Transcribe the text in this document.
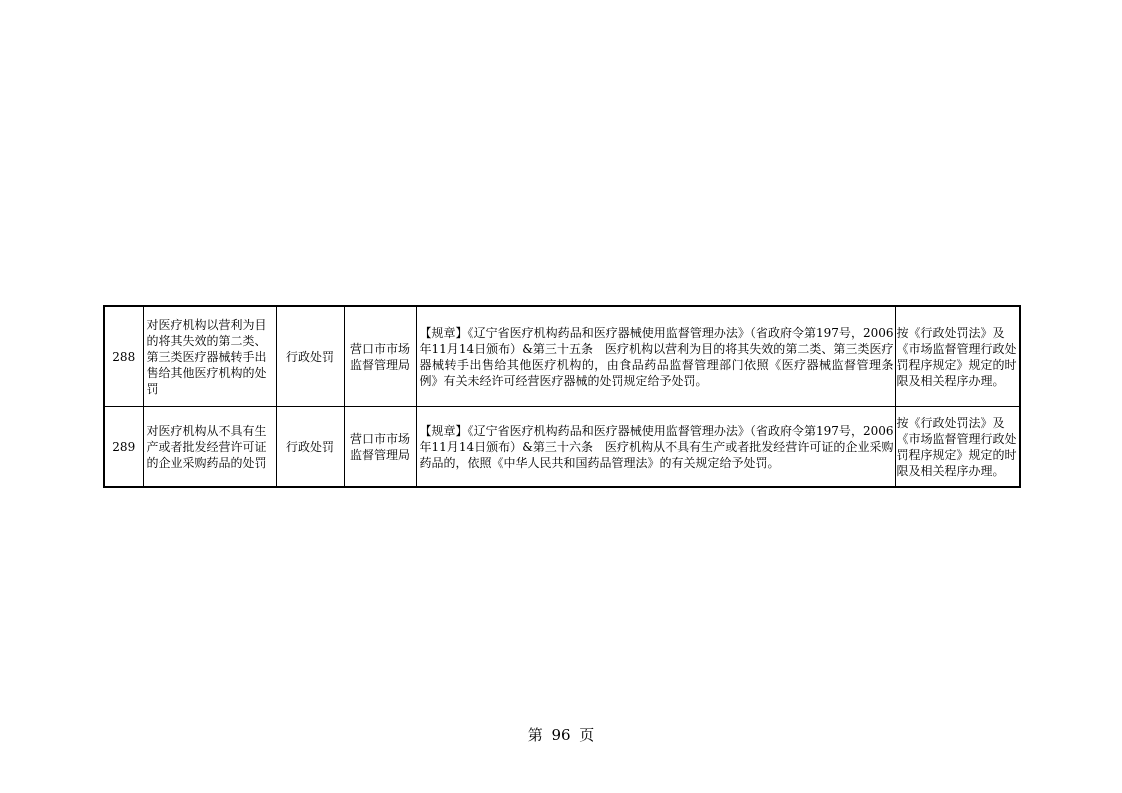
288	对医疗机构以营利为目的将其失效的第二类、第三类医疗器械转手出售给其他医疗机构的处罚	行政处罚	营口市市场监督管理局	【规章】《辽宁省医疗机构药品和医疗器械使用监督管理办法》（省政府令第197号，2006年11月14日颁布）&第三十五条　医疗机构以营利为目的将其失效的第二类、第三类医疗器械转手出售给其他医疗机构的，由食品药品监督管理部门依照《医疗器械监督管理条例》有关未经许可经营医疗器械的处罚规定给予处罚。	按《行政处罚法》及《市场监督管理行政处罚程序规定》规定的时限及相关程序办理。
289	对医疗机构从不具有生产或者批发经营许可证的企业采购药品的处罚	行政处罚	营口市市场监督管理局	【规章】《辽宁省医疗机构药品和医疗器械使用监督管理办法》（省政府令第197号，2006年11月14日颁布）&第三十六条　医疗机构从不具有生产或者批发经营许可证的企业采购药品的，依照《中华人民共和国药品管理法》的有关规定给予处罚。	按《行政处罚法》及《市场监督管理行政处罚程序规定》规定的时限及相关程序办理。
第 96 页
